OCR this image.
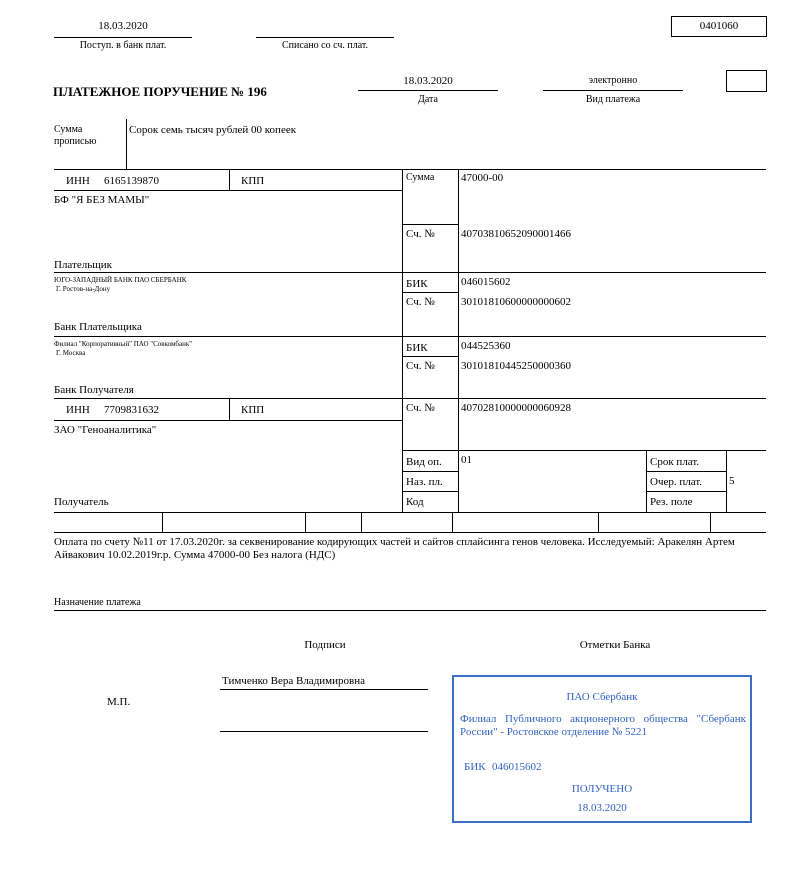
18.03.2020
Поступ. в банк плат.	Списано со сч. плат.
0401060
ПЛАТЕЖНОЕ ПОРУЧЕНИЕ № 196
18.03.2020
Дата
электронно
Вид платежа
Сумма
прописью
Сорок семь тысяч рублей 00 копеек
ИНН 6165139870	КПП
БФ "Я БЕЗ МАМЫ"
Плательщик
Сумма 47000-00
Сч. № 40703810652090001466
ЮГО-ЗАПАДНЫЙ БАНК ПАО СБЕРБАНК
Г. Ростов-на-Дону
Банк Плательщика
БИК	046015602
Сч. № 30101810600000000602
Филиал "Корпоративный" ПАО "Совкомбанк"
Г. Москва
Банк Получателя
БИК	044525360
Сч. № 30101810445250000360
ИНН 7709831632	КПП
ЗАО "Геноаналитика"
Получатель
Сч. № 40702810000000060928
Вид оп. 01
Наз. пл.
Код
Срок плат.
Очер. плат. 5
Рез. поле
Оплата по счету №11 от 17.03.2020г. за секвенирование кодирующих частей и сайтов сплайсинга генов человека. Исследуемый: Аракелян Артем Айвакович 10.02.2019г.р. Сумма 47000-00 Без налога (НДС)
Назначение платежа
Подписи	Отметки Банка
Тимченко Вера Владимировна
М.П.	ПАО Сбербанк
Филиал Публичного акционерного общества "Сбербанк России" - Ростовское отделение № 5221
БИК 046015602
ПОЛУЧЕНО
18.03.2020
